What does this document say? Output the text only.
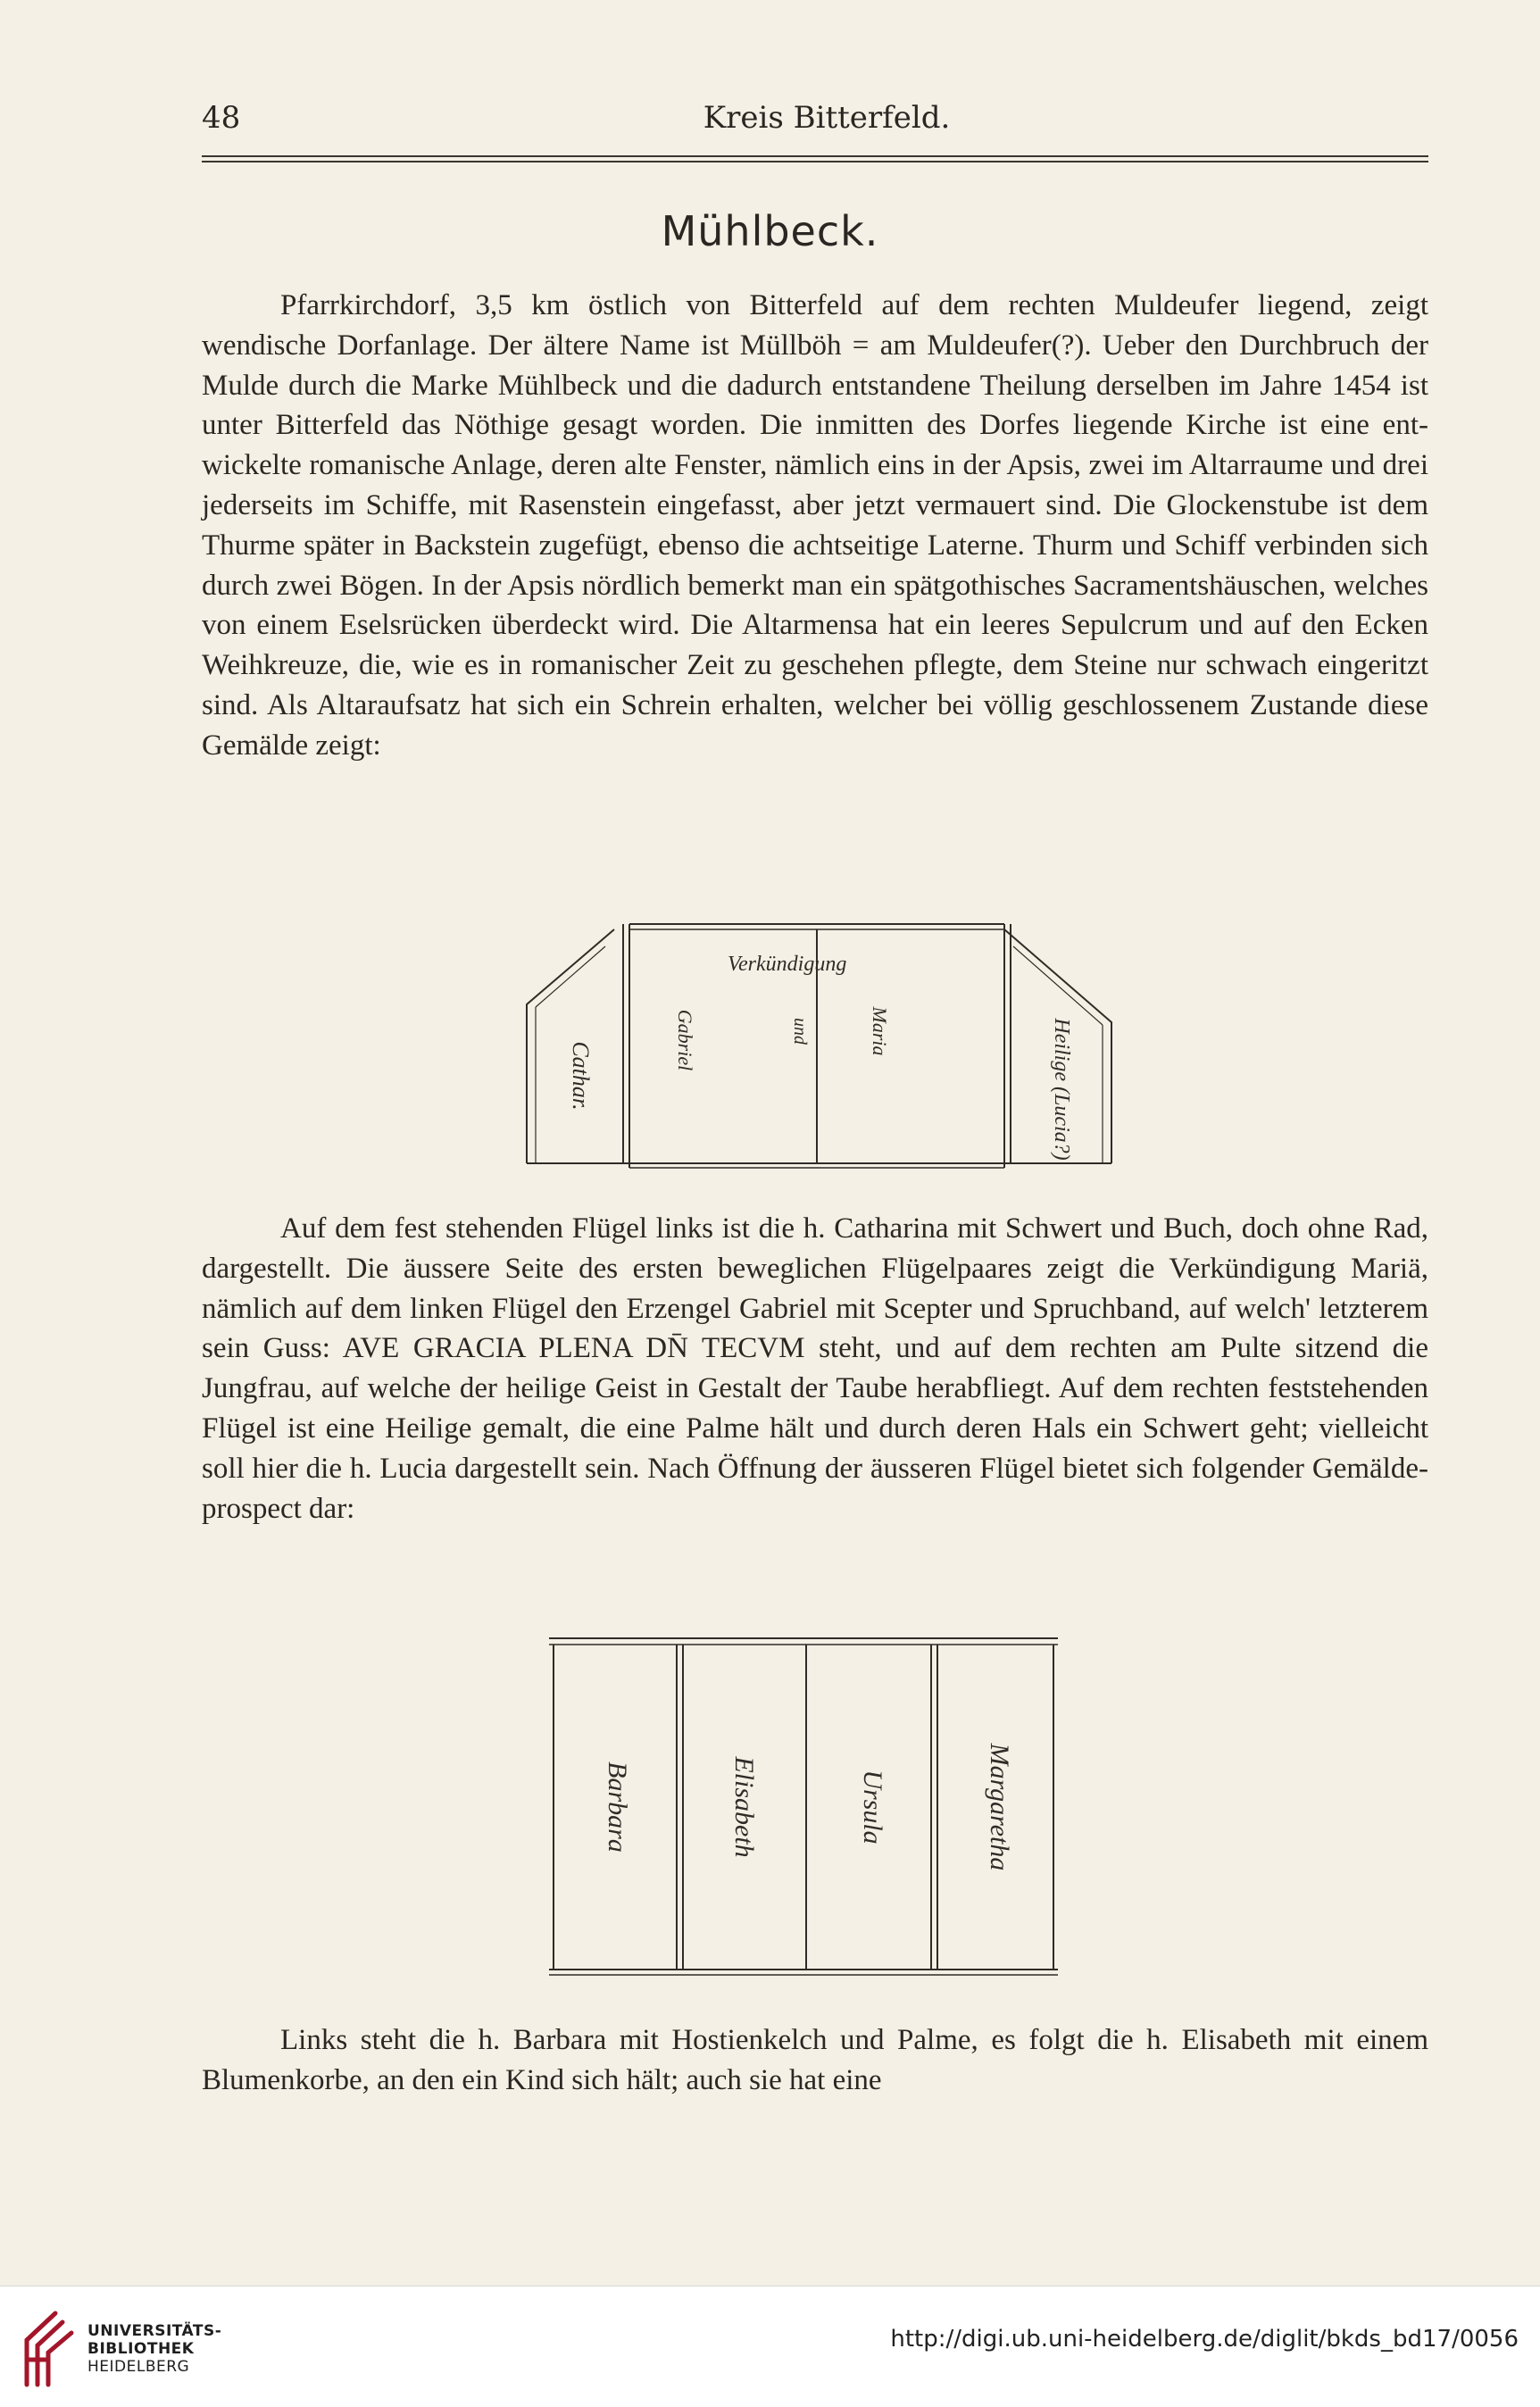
48	Kreis Bitterfeld.
Mühlbeck.

Pfarrkirchdorf, 3,5 km östlich von Bitterfeld auf dem rechten Muldeufer liegend, zeigt wendische Dorfanlage. Der ältere Name ist Müllböh = am Muldeufer(?). Ueber den Durchbruch der Mulde durch die Marke Mühlbeck und die dadurch entstandene Theilung derselben im Jahre 1454 ist unter Bitterfeld das Nöthige gesagt worden. Die inmitten des Dorfes liegende Kirche ist eine entwickelte romanische Anlage, deren alte Fenster, nämlich eins in der Apsis, zwei im Altarraume und drei jederseits im Schiffe, mit Rasenstein eingefasst, aber jetzt vermauert sind. Die Glockenstube ist dem Thurme später in Backstein zugefügt, ebenso die achtseitige Laterne. Thurm und Schiff verbinden sich durch zwei Bögen. In der Apsis nördlich bemerkt man ein spätgothisches Sacramentshäuschen, welches von einem Eselsrücken überdeckt wird. Die Altarmensa hat ein leeres Sepulcrum und auf den Ecken Weihkreuze, die, wie es in romanischer Zeit zu geschehen pflegte, dem Steine nur schwach eingeritzt sind. Als Altaraufsatz hat sich ein Schrein erhalten, welcher bei völlig geschlossenem Zustande diese Gemälde zeigt:

Verkündigung
Cathar.
Gabriel	und	Maria	Heilige (Lucia?)

Auf dem fest stehenden Flügel links ist die h. Catharina mit Schwert und Buch, doch ohne Rad, dargestellt. Die äussere Seite des ersten beweglichen Flügelpaares zeigt die Verkündigung Mariä, nämlich auf dem linken Flügel den Erzengel Gabriel mit Scepter und Spruchband, auf welch' letzterem sein Guss: AVE GRACIA PLENA DN̄ TECVM steht, und auf dem rechten am Pulte sitzend die Jungfrau, auf welche der heilige Geist in Gestalt der Taube herabfliegt. Auf dem rechten feststehenden Flügel ist eine Heilige gemalt, die eine Palme hält und durch deren Hals ein Schwert geht; vielleicht soll hier die h. Lucia dargestellt sein. Nach Öffnung der äusseren Flügel bietet sich folgender Gemäldeprospect dar:

Barbara	Elisabeth	Ursula	Margaretha

Links steht die h. Barbara mit Hostienkelch und Palme, es folgt die h. Elisabeth mit einem Blumenkorbe, an den ein Kind sich hält; auch sie hat eine

UNIVERSITÄTS-
BIBLIOTHEK
HEIDELBERG
http://digi.ub.uni-heidelberg.de/diglit/bkds_bd17/0056
